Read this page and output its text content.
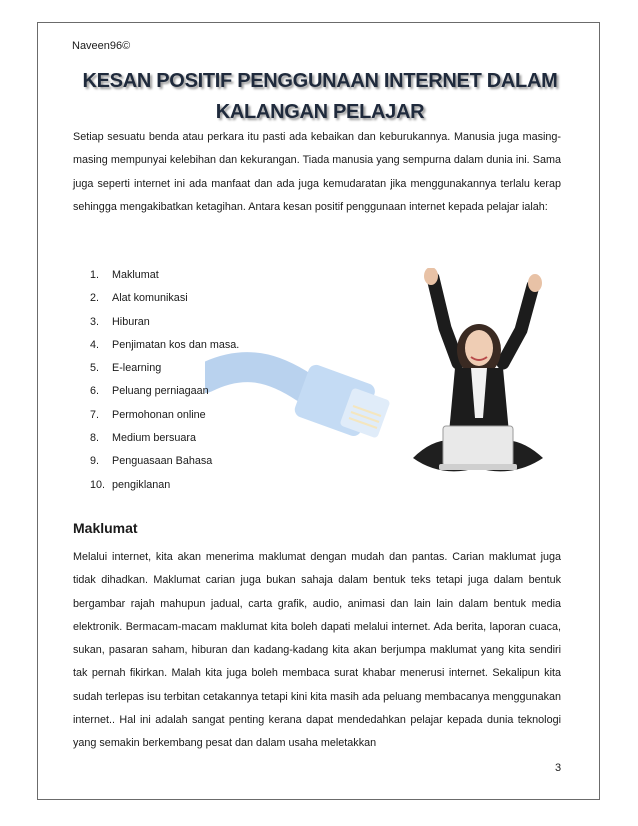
Naveen96©
KESAN POSITIF PENGGUNAAN INTERNET DALAM
KALANGAN PELAJAR

Setiap sesuatu benda atau perkara itu pasti ada kebaikan dan keburukannya. Manusia juga masing-masing mempunyai kelebihan dan kekurangan. Tiada manusia yang sempurna dalam dunia ini. Sama juga seperti internet ini ada manfaat dan ada juga kemudaratan jika menggunakannya terlalu kerap sehingga mengakibatkan ketagihan. Antara kesan positif penggunaan internet kepada pelajar ialah:

1. Maklumat
2. Alat komunikasi
3. Hiburan
4. Penjimatan kos dan masa.
5. E-learning
6. Peluang perniagaan
7. Permohonan online
8. Medium bersuara
9. Penguasaan Bahasa
10. pengiklanan
Maklumat

Melalui internet, kita akan menerima maklumat dengan mudah dan pantas. Carian maklumat juga tidak dihadkan. Maklumat carian juga bukan sahaja dalam bentuk teks tetapi juga dalam bentuk bergambar rajah mahupun jadual, carta grafik, audio, animasi dan lain lain dalam bentuk media elektronik. Bermacam-macam maklumat kita boleh dapati melalui internet. Ada berita, laporan cuaca, sukan, pasaran saham, hiburan dan kadang-kadang kita akan berjumpa maklumat yang kita sendiri tak pernah fikirkan. Malah kita juga boleh membaca surat khabar menerusi internet. Sekalipun kita sudah terlepas isu terbitan cetakannya tetapi kini kita masih ada peluang membacanya menggunakan internet.. Hal ini adalah sangat penting kerana dapat mendedahkan pelajar kepada dunia teknologi yang semakin berkembang pesat dan dalam usaha meletakkan

3
